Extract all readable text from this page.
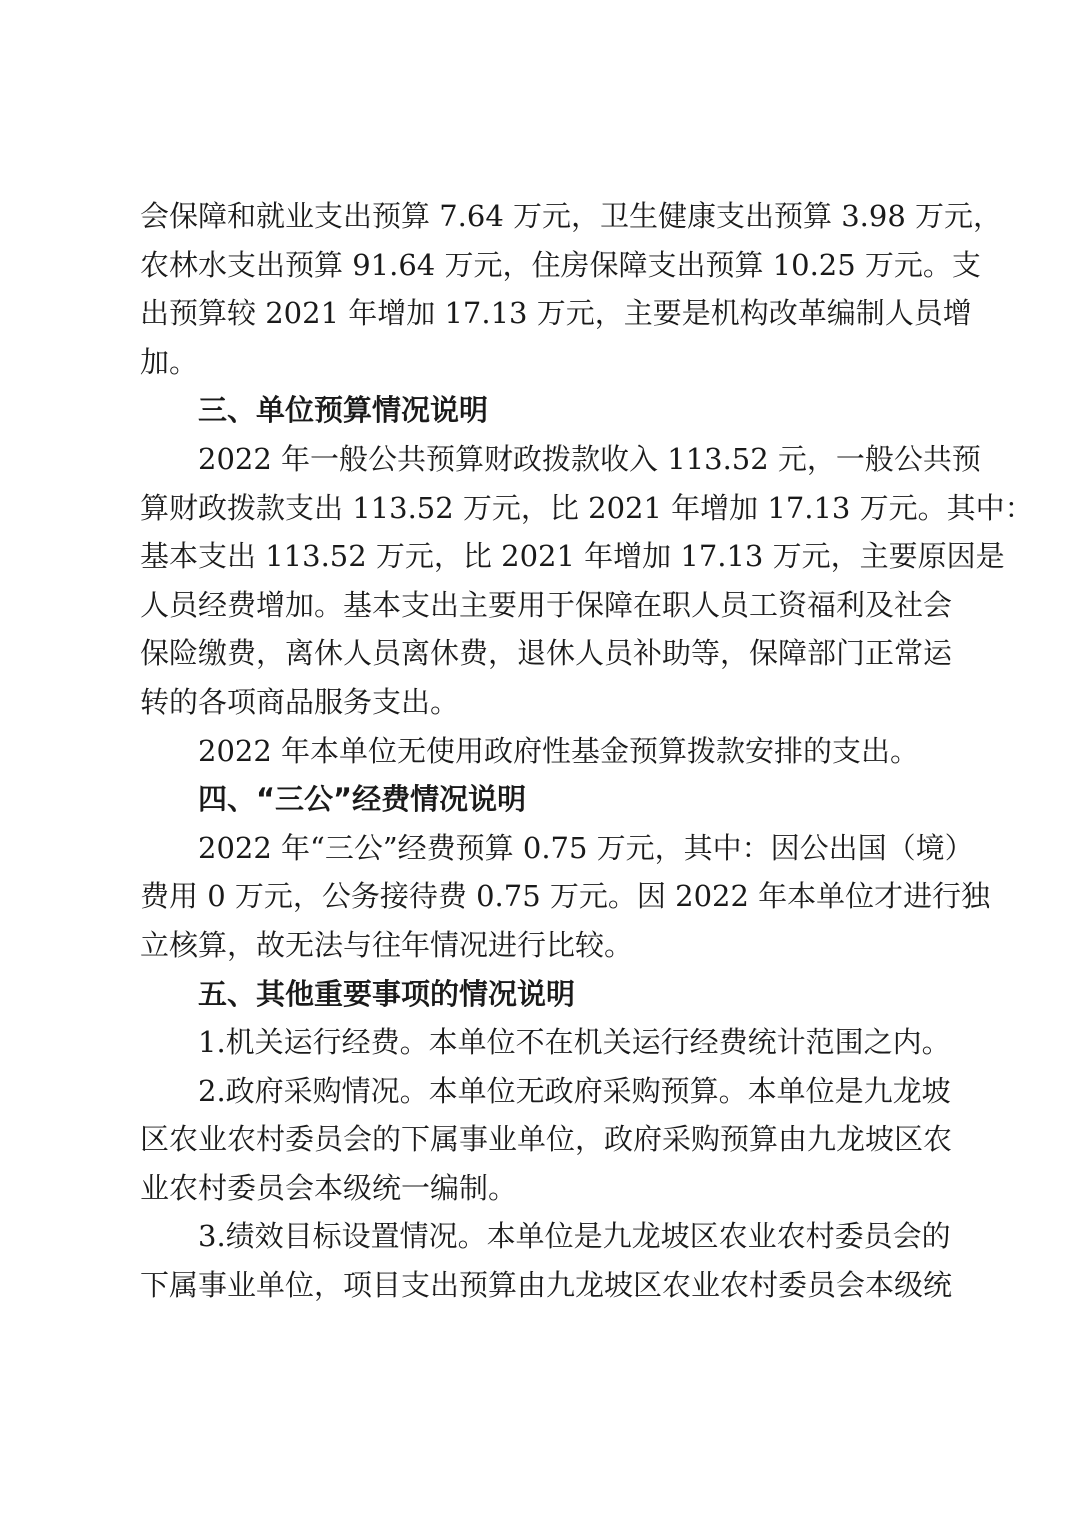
会保障和就业支出预算 7.64 万元，卫生健康支出预算 3.98 万元，
农林水支出预算 91.64 万元，住房保障支出预算 10.25 万元。支
出预算较 2021 年增加 17.13 万元，主要是机构改革编制人员增
加。
三、单位预算情况说明
2022 年一般公共预算财政拨款收入 113.52 元，一般公共预
算财政拨款支出 113.52 万元，比 2021 年增加 17.13 万元。其中：
基本支出 113.52 万元，比 2021 年增加 17.13 万元，主要原因是
人员经费增加。基本支出主要用于保障在职人员工资福利及社会
保险缴费，离休人员离休费，退休人员补助等，保障部门正常运
转的各项商品服务支出。
2022 年本单位无使用政府性基金预算拨款安排的支出。
四、“三公”经费情况说明
2022 年“三公”经费预算 0.75 万元，其中：因公出国（境）
费用 0 万元，公务接待费 0.75 万元。因 2022 年本单位才进行独
立核算，故无法与往年情况进行比较。
五、其他重要事项的情况说明
1.机关运行经费。本单位不在机关运行经费统计范围之内。
2.政府采购情况。本单位无政府采购预算。本单位是九龙坡
区农业农村委员会的下属事业单位，政府采购预算由九龙坡区农
业农村委员会本级统一编制。
3.绩效目标设置情况。本单位是九龙坡区农业农村委员会的
下属事业单位，项目支出预算由九龙坡区农业农村委员会本级统
